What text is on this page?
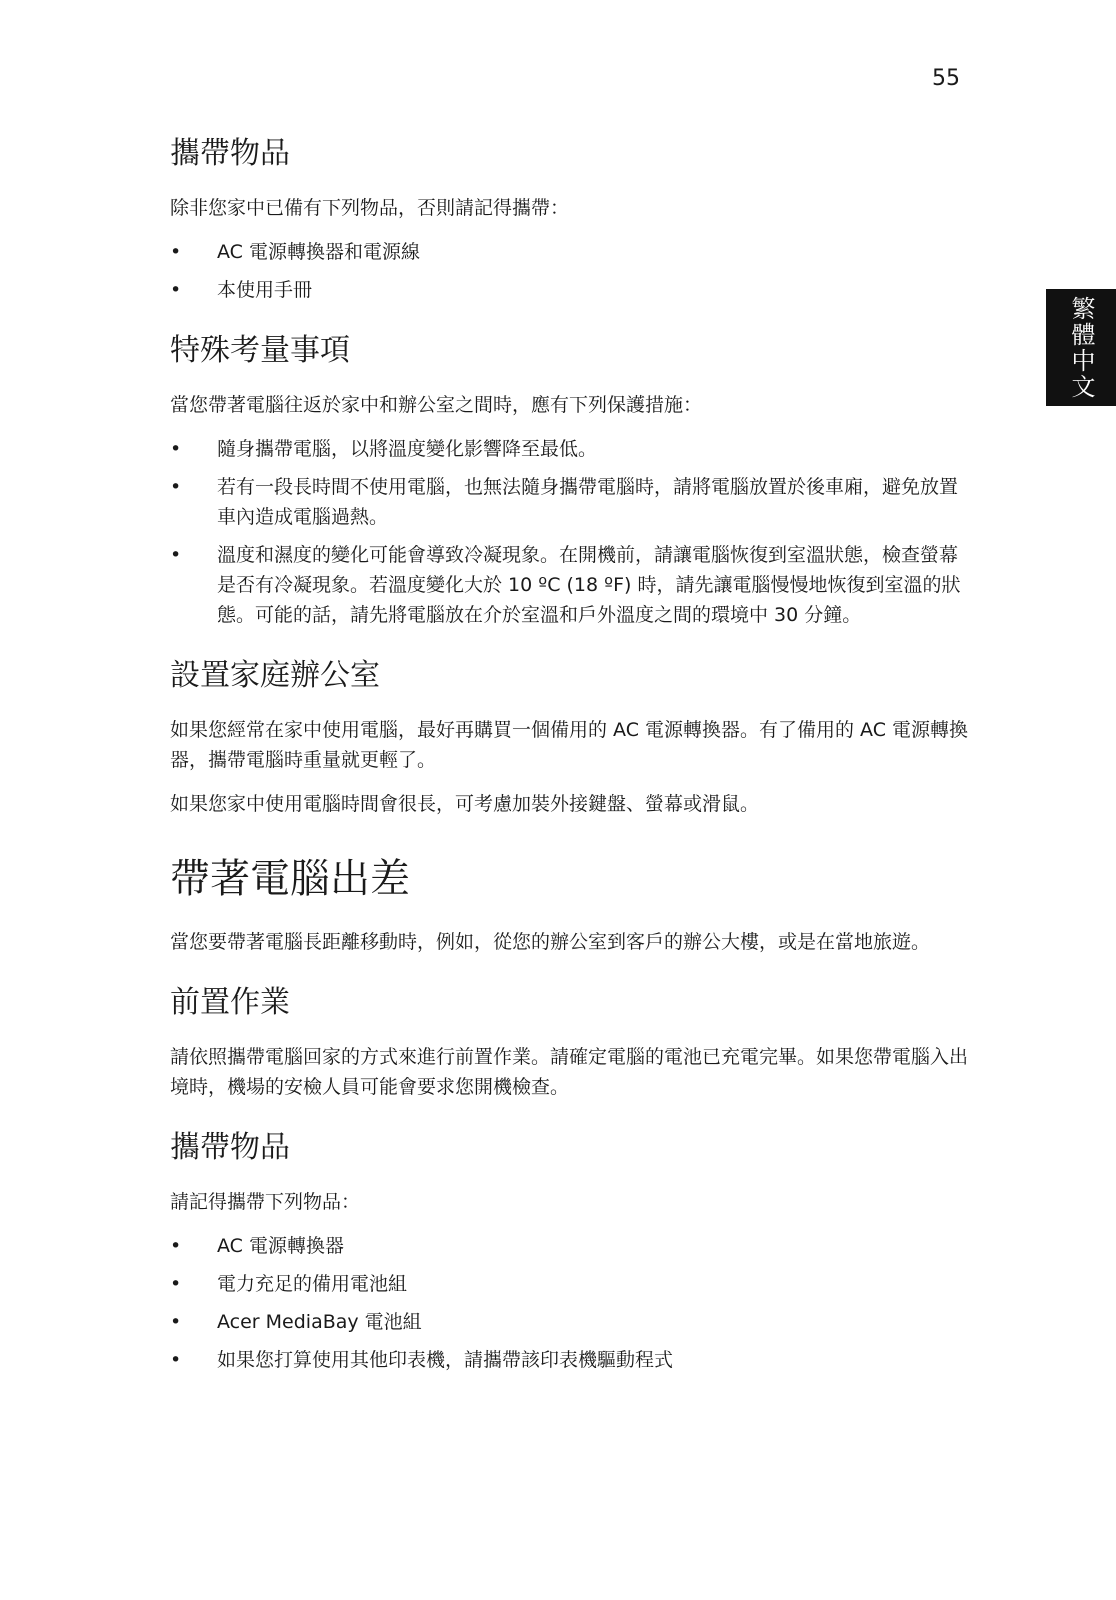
55
繁體中文
攜帶物品

除非您家中已備有下列物品，否則請記得攜帶：

• AC 電源轉換器和電源線
• 本使用手冊
特殊考量事項

當您帶著電腦往返於家中和辦公室之間時，應有下列保護措施：

• 隨身攜帶電腦，以將溫度變化影響降至最低。
• 若有一段長時間不使用電腦，也無法隨身攜帶電腦時，請將電腦放置於後車廂，避免放置車內造成電腦過熱。
• 溫度和濕度的變化可能會導致冷凝現象。在開機前，請讓電腦恢復到室溫狀態，檢查螢幕是否有冷凝現象。若溫度變化大於 10 ºC (18 ºF) 時，請先讓電腦慢慢地恢復到室溫的狀態。可能的話，請先將電腦放在介於室溫和戶外溫度之間的環境中 30 分鐘。
設置家庭辦公室

如果您經常在家中使用電腦，最好再購買一個備用的 AC 電源轉換器。有了備用的 AC 電源轉換器，攜帶電腦時重量就更輕了。

如果您家中使用電腦時間會很長，可考慮加裝外接鍵盤、螢幕或滑鼠。

帶著電腦出差

當您要帶著電腦長距離移動時，例如，從您的辦公室到客戶的辦公大樓，或是在當地旅遊。

前置作業

請依照攜帶電腦回家的方式來進行前置作業。請確定電腦的電池已充電完畢。如果您帶電腦入出境時，機場的安檢人員可能會要求您開機檢查。

攜帶物品

請記得攜帶下列物品：

• AC 電源轉換器
• 電力充足的備用電池組
• Acer MediaBay 電池組
• 如果您打算使用其他印表機，請攜帶該印表機驅動程式
